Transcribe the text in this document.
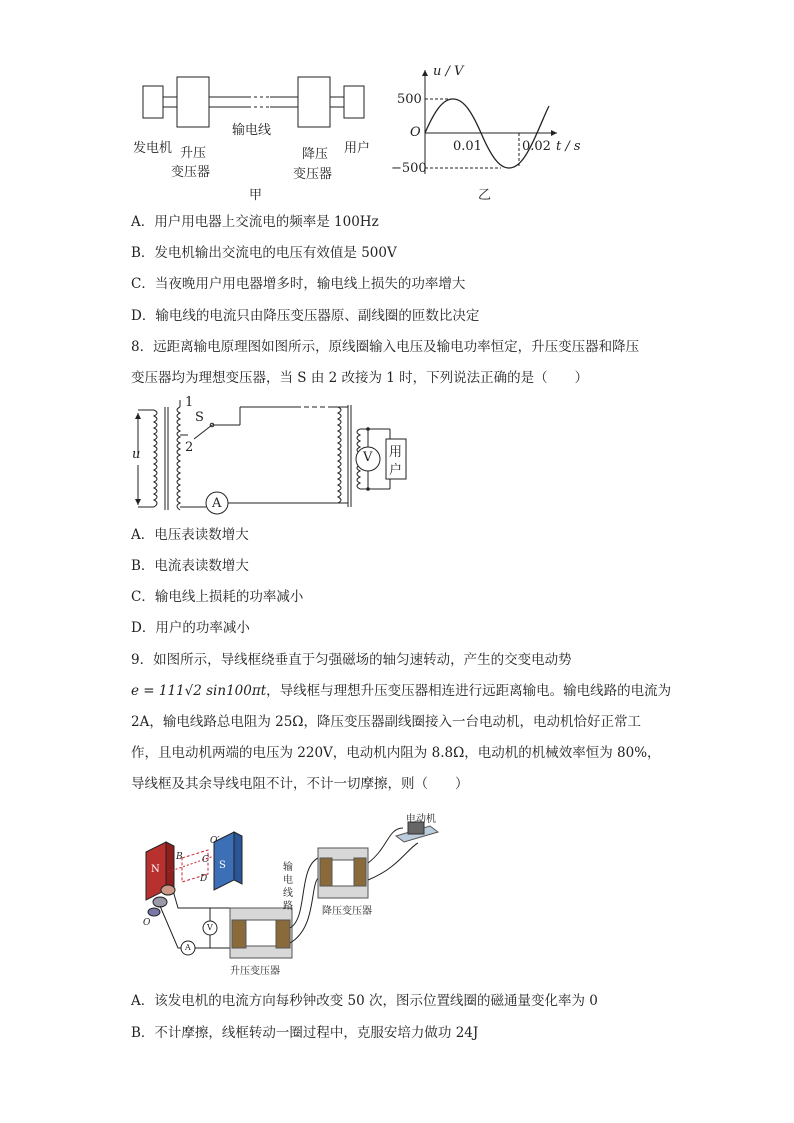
发电机 升压
变压器
输电线
降压
变压器
用户
甲
u / V
500
O
0.01	0.02 t / s
−500
乙
A．用户用电器上交流电的频率是 100Hz
B．发电机输出交流电的电压有效值是 500V
C．当夜晚用户用电器增多时，输电线上损失的功率增大
D．输电线的电流只由降压变压器原、副线圈的匝数比决定
8．远距离输电原理图如图所示，原线圈输入电压及输电功率恒定，升压变压器和降压
变压器均为理想变压器，当 S 由 2 改接为 1 时，下列说法正确的是（　　）
1
S
2
u
A
V 用
户
A．电压表读数增大
B．电流表读数增大
C．输电线上损耗的功率减小
D．用户的功率减小
9．如图所示，导线框绕垂直于匀强磁场的轴匀速转动，产生的交变电动势
e = 111√2 sin100πt，导线框与理想升压变压器相连进行远距离输电。输电线路的电流为
2A，输电线路总电阻为 25Ω，降压变压器副线圈接入一台电动机，电动机恰好正常工
作，且电动机两端的电压为 220V，电动机内阻为 8.8Ω，电动机的机械效率恒为 80%，
导线框及其余导线电阻不计，不计一切摩擦，则（　　）
电动机
输
电
线
路	降压变压器
升压变压器
N	S
B C
D
O′
O
A
V
A．该发电机的电流方向每秒钟改变 50 次，图示位置线圈的磁通量变化率为 0
B．不计摩擦，线框转动一圈过程中，克服安培力做功 24J
